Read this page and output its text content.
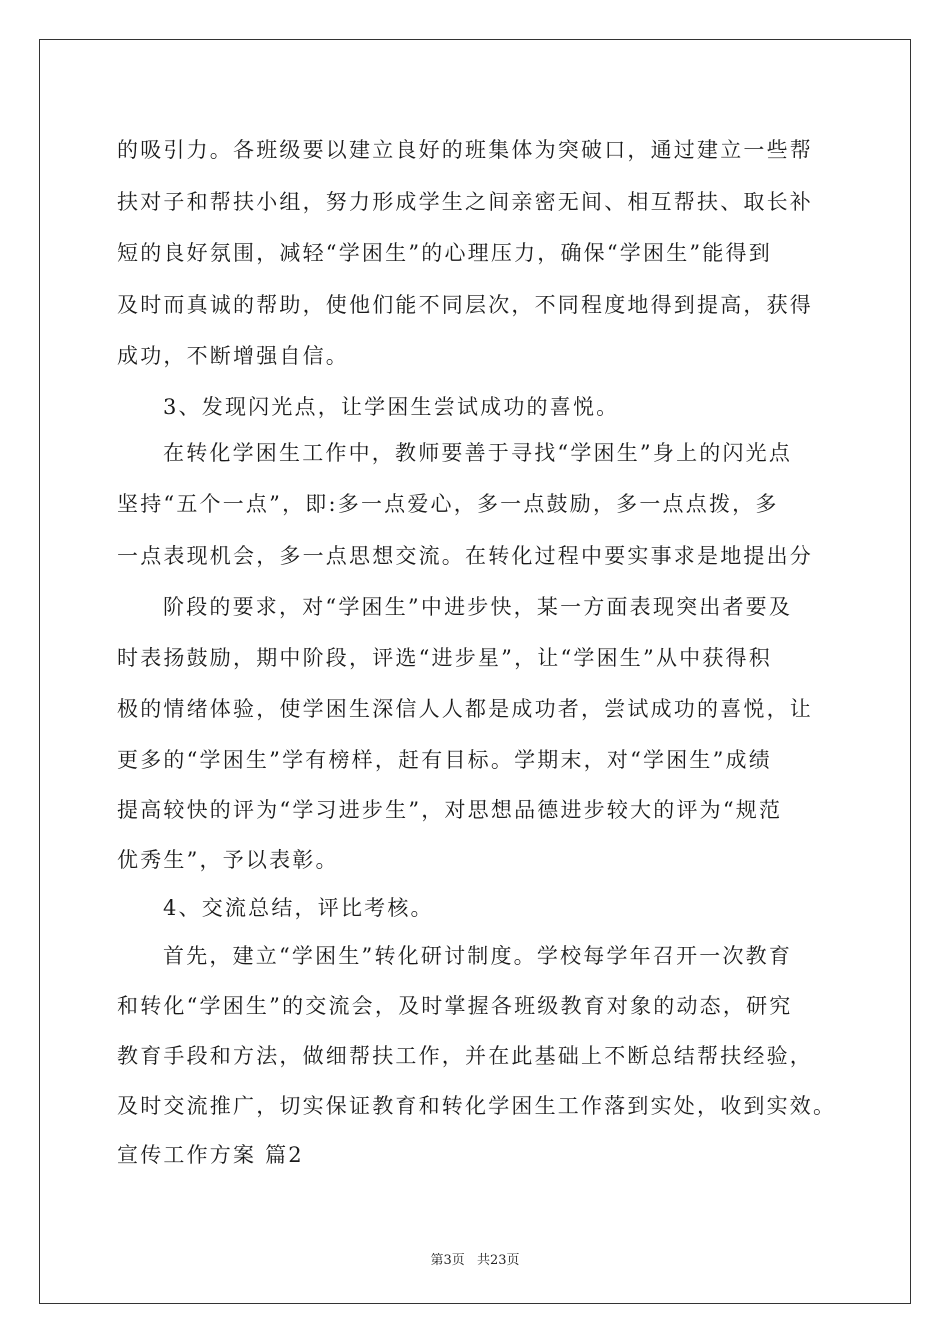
的吸引力。各班级要以建立良好的班集体为突破口，通过建立一些帮
扶对子和帮扶小组，努力形成学生之间亲密无间、相互帮扶、取长补
短的良好氛围，减轻“学困生”的心理压力，确保“学困生”能得到
及时而真诚的帮助，使他们能不同层次，不同程度地得到提高，获得
成功，不断增强自信。
3、发现闪光点，让学困生尝试成功的喜悦。
在转化学困生工作中，教师要善于寻找“学困生”身上的闪光点
坚持“五个一点”，即:多一点爱心，多一点鼓励，多一点点拨，多
一点表现机会，多一点思想交流。在转化过程中要实事求是地提出分
阶段的要求，对“学困生”中进步快，某一方面表现突出者要及
时表扬鼓励，期中阶段，评选“进步星”，让“学困生”从中获得积
极的情绪体验，使学困生深信人人都是成功者，尝试成功的喜悦，让
更多的“学困生”学有榜样，赶有目标。学期末，对“学困生”成绩
提高较快的评为“学习进步生”，对思想品德进步较大的评为“规范
优秀生”，予以表彰。
4、交流总结，评比考核。
首先，建立“学困生”转化研讨制度。学校每学年召开一次教育
和转化“学困生”的交流会，及时掌握各班级教育对象的动态，研究
教育手段和方法，做细帮扶工作，并在此基础上不断总结帮扶经验，
及时交流推广，切实保证教育和转化学困生工作落到实处，收到实效。
宣传工作方案 篇2
第3页 共23页
